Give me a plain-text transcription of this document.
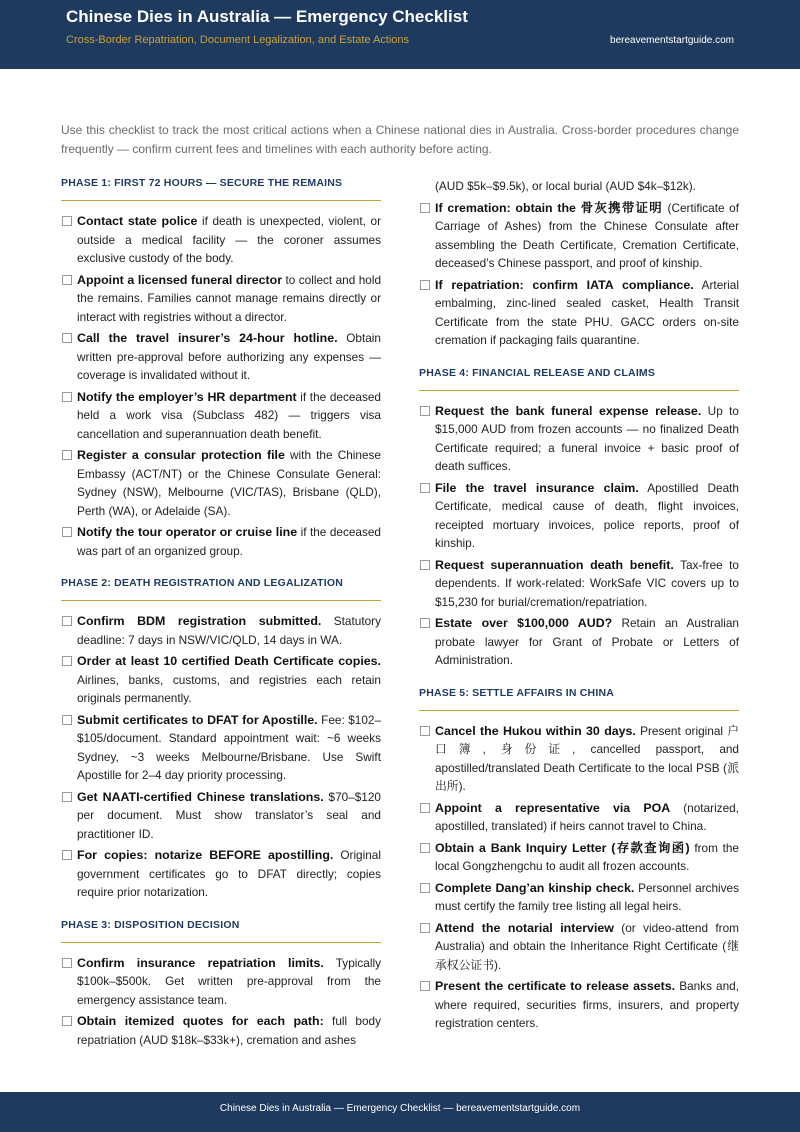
Chinese Dies in Australia — Emergency Checklist
Cross-Border Repatriation, Document Legalization, and Estate Actions	bereavementstartguide.com
Use this checklist to track the most critical actions when a Chinese national dies in Australia. Cross-border procedures change frequently — confirm current fees and timelines with each authority before acting.
PHASE 1: FIRST 72 HOURS — SECURE THE REMAINS
Contact state police if death is unexpected, violent, or outside a medical facility — the coroner assumes exclusive custody of the body.
Appoint a licensed funeral director to collect and hold the remains. Families cannot manage remains directly or interact with registries without a director.
Call the travel insurer’s 24-hour hotline. Obtain written pre-approval before authorizing any expenses — coverage is invalidated without it.
Notify the employer’s HR department if the deceased held a work visa (Subclass 482) — triggers visa cancellation and superannuation death benefit.
Register a consular protection file with the Chinese Embassy (ACT/NT) or the Chinese Consulate General: Sydney (NSW), Melbourne (VIC/TAS), Brisbane (QLD), Perth (WA), or Adelaide (SA).
Notify the tour operator or cruise line if the deceased was part of an organized group.
PHASE 2: DEATH REGISTRATION AND LEGALIZATION
Confirm BDM registration submitted. Statutory deadline: 7 days in NSW/VIC/QLD, 14 days in WA.
Order at least 10 certified Death Certificate copies. Airlines, banks, customs, and registries each retain originals permanently.
Submit certificates to DFAT for Apostille. Fee: $102–$105/document. Standard appointment wait: ~6 weeks Sydney, ~3 weeks Melbourne/Brisbane. Use Swift Apostille for 2–4 day priority processing.
Get NAATI-certified Chinese translations. $70–$120 per document. Must show translator’s seal and practitioner ID.
For copies: notarize BEFORE apostilling. Original government certificates go to DFAT directly; copies require prior notarization.
PHASE 3: DISPOSITION DECISION
Confirm insurance repatriation limits. Typically $100k–$500k. Get written pre-approval from the emergency assistance team.
Obtain itemized quotes for each path: full body repatriation (AUD $18k–$33k+), cremation and ashes
(AUD $5k–$9.5k), or local burial (AUD $4k–$12k).
If cremation: obtain the 骨灰携带证明 (Certificate of Carriage of Ashes) from the Chinese Consulate after assembling the Death Certificate, Cremation Certificate, deceased’s Chinese passport, and proof of kinship.
If repatriation: confirm IATA compliance. Arterial embalming, zinc-lined sealed casket, Health Transit Certificate from the state PHU. GACC orders on-site cremation if packaging fails quarantine.
PHASE 4: FINANCIAL RELEASE AND CLAIMS
Request the bank funeral expense release. Up to $15,000 AUD from frozen accounts — no finalized Death Certificate required; a funeral invoice + basic proof of death suffices.
File the travel insurance claim. Apostilled Death Certificate, medical cause of death, flight invoices, receipted mortuary invoices, police reports, proof of kinship.
Request superannuation death benefit. Tax-free to dependents. If work-related: WorkSafe VIC covers up to $15,230 for burial/cremation/repatriation.
Estate over $100,000 AUD? Retain an Australian probate lawyer for Grant of Probate or Letters of Administration.
PHASE 5: SETTLE AFFAIRS IN CHINA
Cancel the Hukou within 30 days. Present original 户口簿, 身份证, cancelled passport, and apostilled/translated Death Certificate to the local PSB (派出所).
Appoint a representative via POA (notarized, apostilled, translated) if heirs cannot travel to China.
Obtain a Bank Inquiry Letter (存款查询函) from the local Gongzhengchu to audit all frozen accounts.
Complete Dang’an kinship check. Personnel archives must certify the family tree listing all legal heirs.
Attend the notarial interview (or video-attend from Australia) and obtain the Inheritance Right Certificate (继承权公证书).
Present the certificate to release assets. Banks and, where required, securities firms, insurers, and property registration centers.
Chinese Dies in Australia — Emergency Checklist — bereavementstartguide.com
